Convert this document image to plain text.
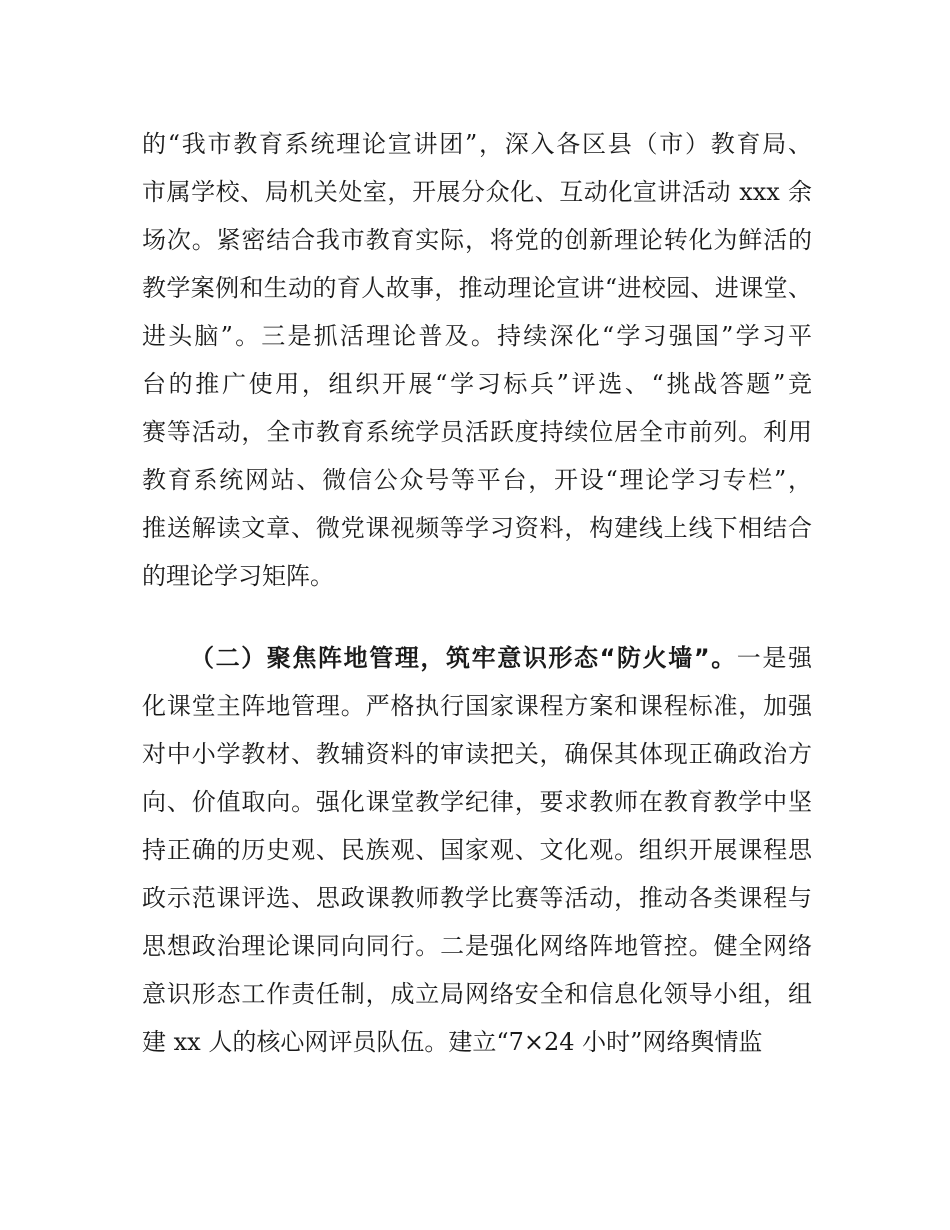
的“我市教育系统理论宣讲团”，深入各区县（市）教育局、
市属学校、局机关处室，开展分众化、互动化宣讲活动 xxx 余
场次。紧密结合我市教育实际，将党的创新理论转化为鲜活的
教学案例和生动的育人故事，推动理论宣讲“进校园、进课堂、
进头脑”。三是抓活理论普及。持续深化“学习强国”学习平
台的推广使用，组织开展“学习标兵”评选、“挑战答题”竞
赛等活动，全市教育系统学员活跃度持续位居全市前列。利用
教育系统网站、微信公众号等平台，开设“理论学习专栏”，
推送解读文章、微党课视频等学习资料，构建线上线下相结合
的理论学习矩阵。
（二）聚焦阵地管理，筑牢意识形态“防火墙”。一是强
化课堂主阵地管理。严格执行国家课程方案和课程标准，加强
对中小学教材、教辅资料的审读把关，确保其体现正确政治方
向、价值取向。强化课堂教学纪律，要求教师在教育教学中坚
持正确的历史观、民族观、国家观、文化观。组织开展课程思
政示范课评选、思政课教师教学比赛等活动，推动各类课程与
思想政治理论课同向同行。二是强化网络阵地管控。健全网络
意识形态工作责任制，成立局网络安全和信息化领导小组，组
建 xx 人的核心网评员队伍。建立“7×24 小时”网络舆情监
